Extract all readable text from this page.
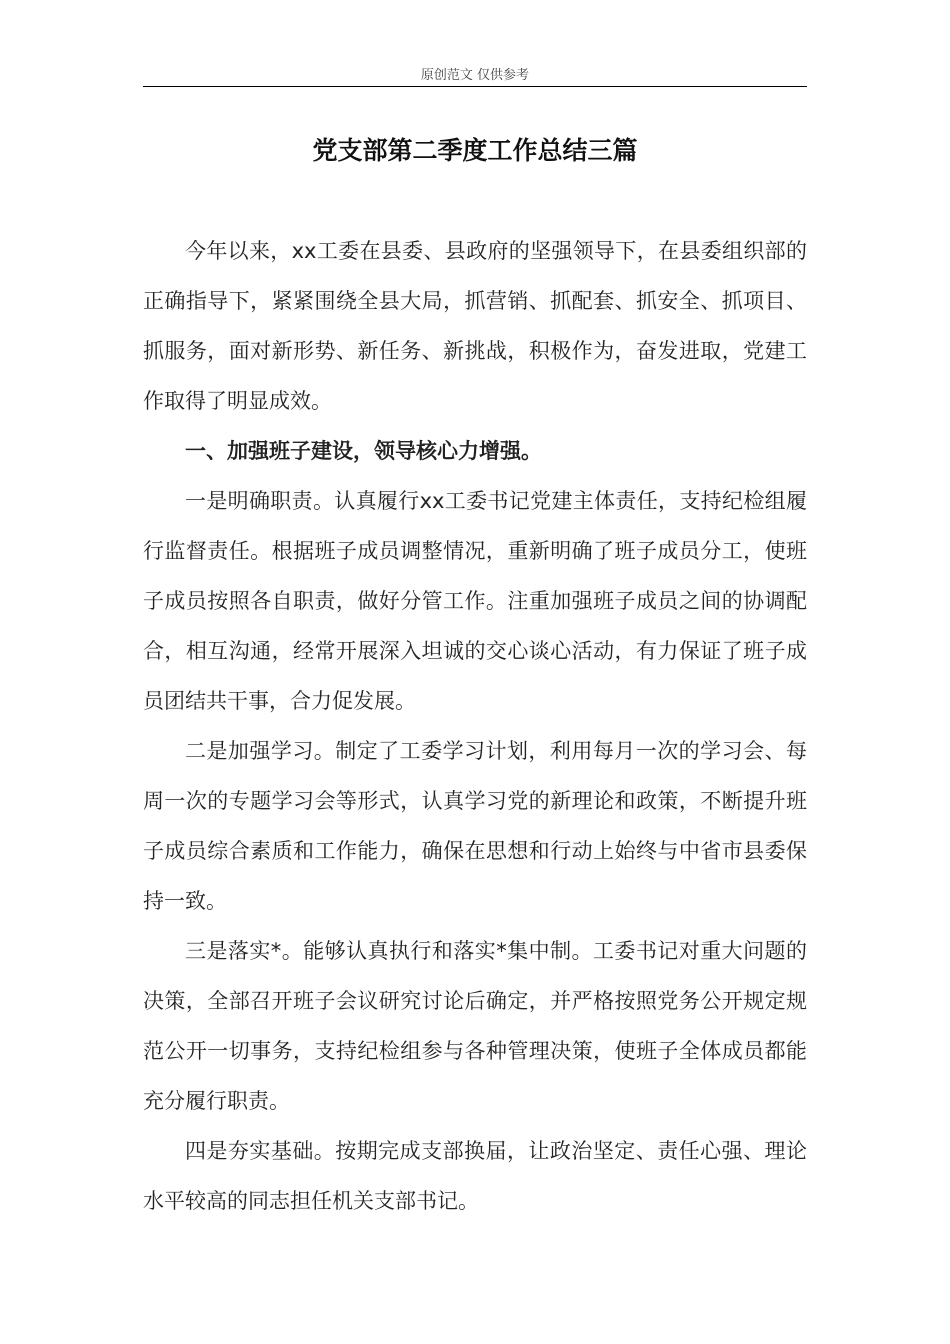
原创范文 仅供参考
党支部第二季度工作总结三篇

今年以来，xx工委在县委、县政府的坚强领导下，在县委组织部的正确指导下，紧紧围绕全县大局，抓营销、抓配套、抓安全、抓项目、抓服务，面对新形势、新任务、新挑战，积极作为，奋发进取，党建工作取得了明显成效。

一、加强班子建设，领导核心力增强。

一是明确职责。认真履行xx工委书记党建主体责任，支持纪检组履行监督责任。根据班子成员调整情况，重新明确了班子成员分工，使班子成员按照各自职责，做好分管工作。注重加强班子成员之间的协调配合，相互沟通，经常开展深入坦诚的交心谈心活动，有力保证了班子成员团结共干事，合力促发展。

二是加强学习。制定了工委学习计划，利用每月一次的学习会、每周一次的专题学习会等形式，认真学习党的新理论和政策，不断提升班子成员综合素质和工作能力，确保在思想和行动上始终与中省市县委保持一致。

三是落实*。能够认真执行和落实*集中制。工委书记对重大问题的决策，全部召开班子会议研究讨论后确定，并严格按照党务公开规定规范公开一切事务，支持纪检组参与各种管理决策，使班子全体成员都能充分履行职责。

四是夯实基础。按期完成支部换届，让政治坚定、责任心强、理论水平较高的同志担任机关支部书记。
